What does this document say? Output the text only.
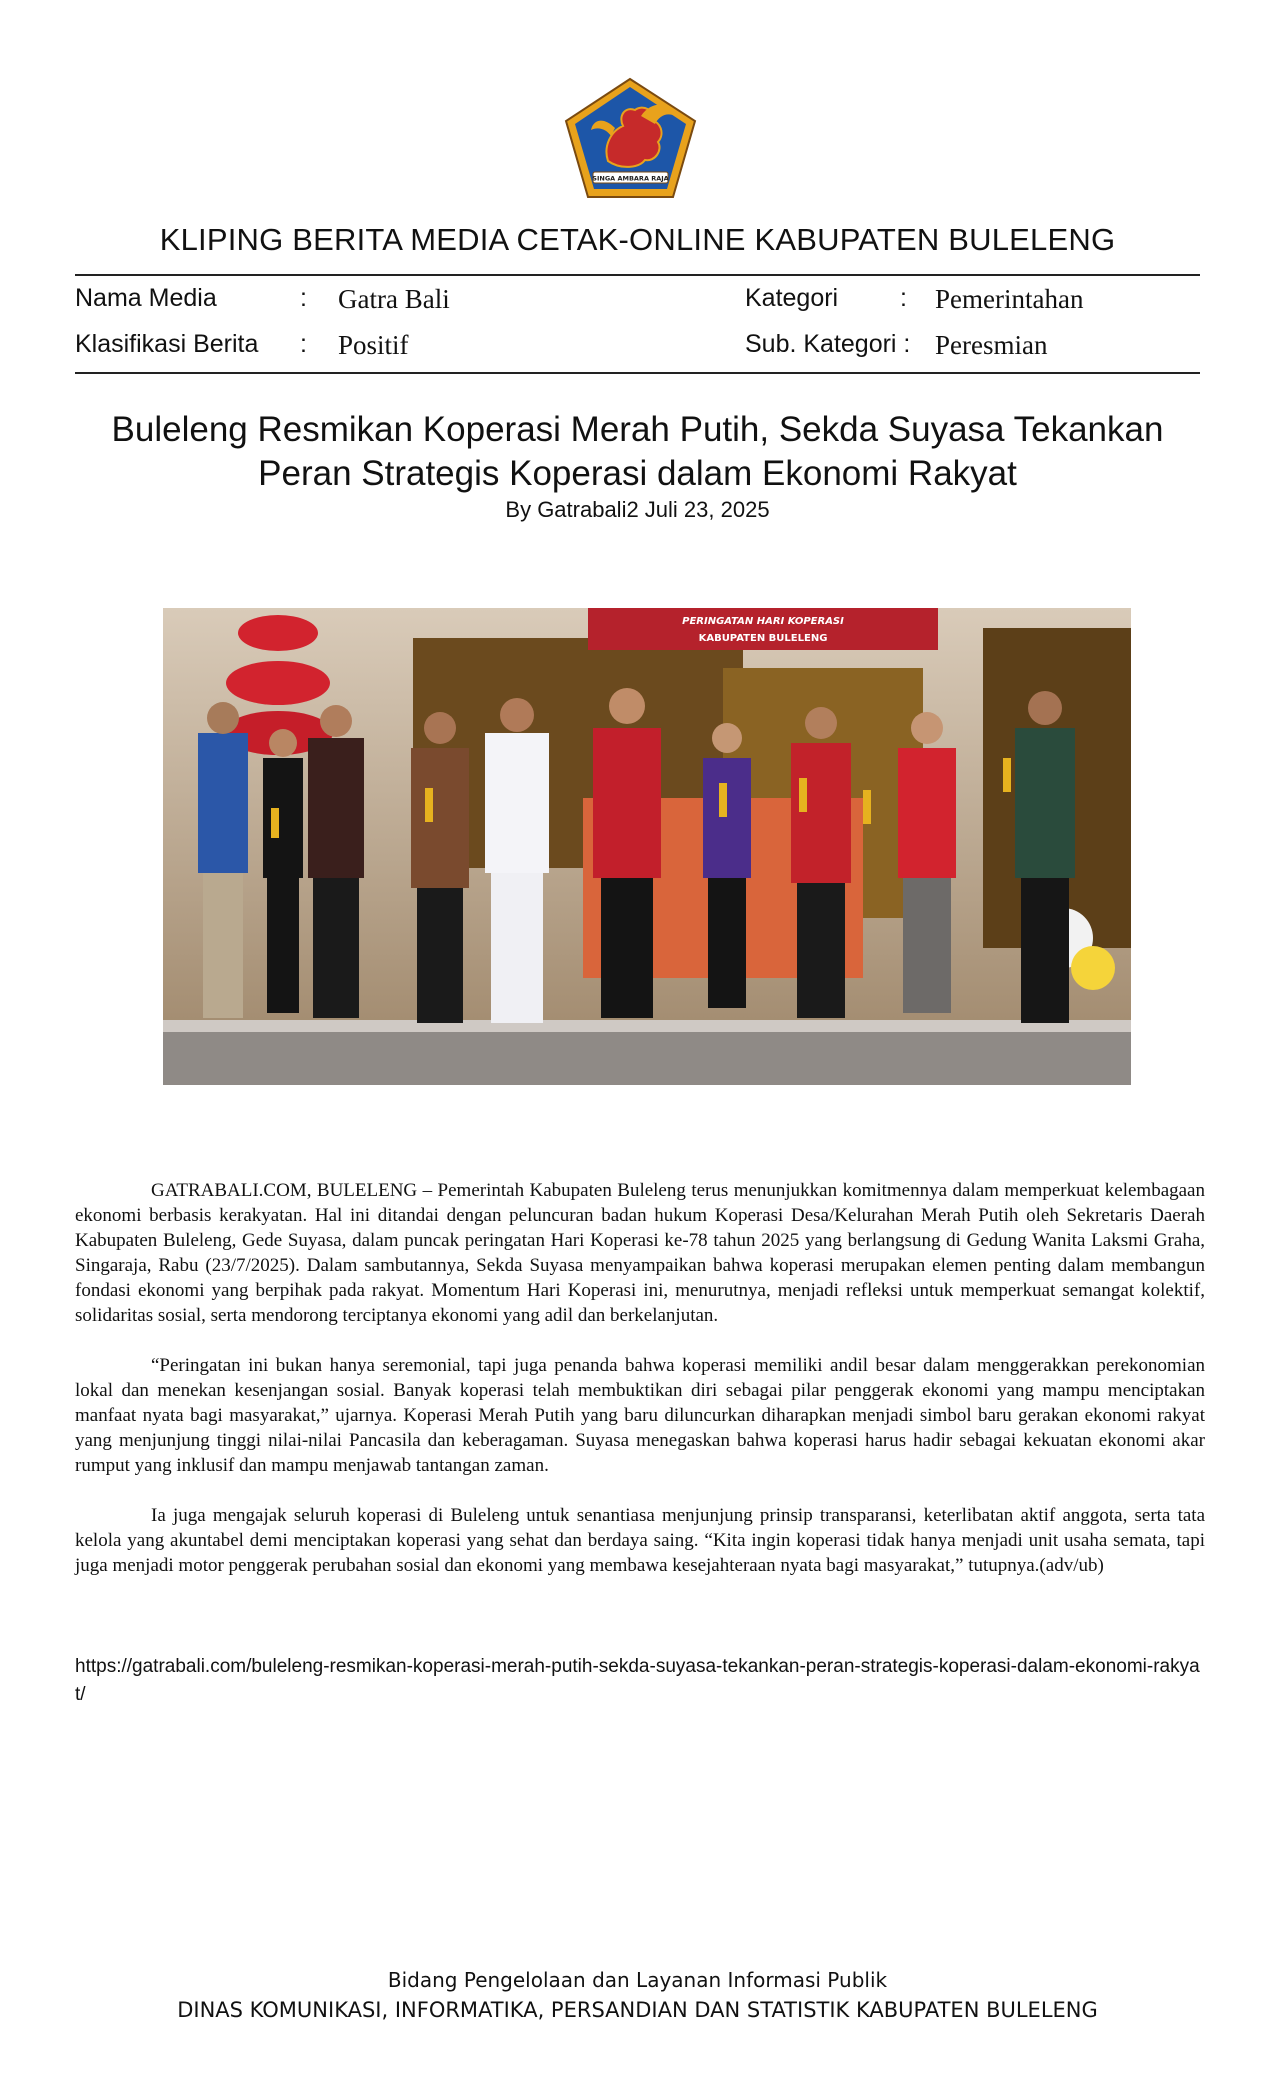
SINGA AMBARA RAJA
KLIPING BERITA MEDIA CETAK-ONLINE KABUPATEN BULELENG
Nama Media	: Gatra Bali	Kategori : Pemerintahan
Klasifikasi Berita : Positif	Sub. Kategori : Peresmian
Buleleng Resmikan Koperasi Merah Putih, Sekda Suyasa Tekankan Peran Strategis Koperasi dalam Ekonomi Rakyat
By Gatrabali2 Juli 23, 2025
PERINGATAN HARI KOPERASI
KABUPATEN BULELENG

GATRABALI.COM, BULELENG – Pemerintah Kabupaten Buleleng terus menunjukkan komitmennya dalam memperkuat kelembagaan ekonomi berbasis kerakyatan. Hal ini ditandai dengan peluncuran badan hukum Koperasi Desa/Kelurahan Merah Putih oleh Sekretaris Daerah Kabupaten Buleleng, Gede Suyasa, dalam puncak peringatan Hari Koperasi ke-78 tahun 2025 yang berlangsung di Gedung Wanita Laksmi Graha, Singaraja, Rabu (23/7/2025). Dalam sambutannya, Sekda Suyasa menyampaikan bahwa koperasi merupakan elemen penting dalam membangun fondasi ekonomi yang berpihak pada rakyat. Momentum Hari Koperasi ini, menurutnya, menjadi refleksi untuk memperkuat semangat kolektif, solidaritas sosial, serta mendorong terciptanya ekonomi yang adil dan berkelanjutan.

“Peringatan ini bukan hanya seremonial, tapi juga penanda bahwa koperasi memiliki andil besar dalam menggerakkan perekonomian lokal dan menekan kesenjangan sosial. Banyak koperasi telah membuktikan diri sebagai pilar penggerak ekonomi yang mampu menciptakan manfaat nyata bagi masyarakat,” ujarnya. Koperasi Merah Putih yang baru diluncurkan diharapkan menjadi simbol baru gerakan ekonomi rakyat yang menjunjung tinggi nilai-nilai Pancasila dan keberagaman. Suyasa menegaskan bahwa koperasi harus hadir sebagai kekuatan ekonomi akar rumput yang inklusif dan mampu menjawab tantangan zaman.

Ia juga mengajak seluruh koperasi di Buleleng untuk senantiasa menjunjung prinsip transparansi, keterlibatan aktif anggota, serta tata kelola yang akuntabel demi menciptakan koperasi yang sehat dan berdaya saing. “Kita ingin koperasi tidak hanya menjadi unit usaha semata, tapi juga menjadi motor penggerak perubahan sosial dan ekonomi yang membawa kesejahteraan nyata bagi masyarakat,” tutupnya.(adv/ub)

https://gatrabali.com/buleleng-resmikan-koperasi-merah-putih-sekda-suyasa-tekankan-peran-strategis-koperasi-dalam-ekonomi-rakyat/
Bidang Pengelolaan dan Layanan Informasi Publik
DINAS KOMUNIKASI, INFORMATIKA, PERSANDIAN DAN STATISTIK KABUPATEN BULELENG
